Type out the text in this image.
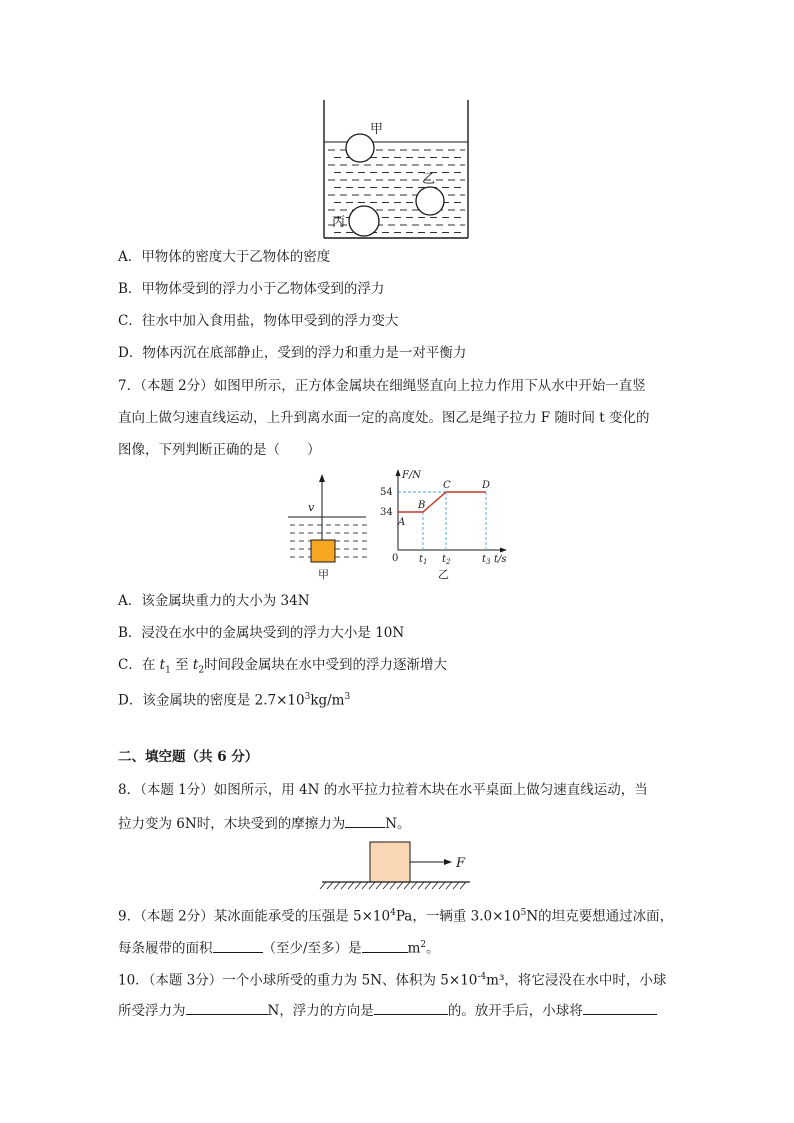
甲
乙
丙
A．甲物体的密度大于乙物体的密度
B．甲物体受到的浮力小于乙物体受到的浮力
C．往水中加入食用盐，物体甲受到的浮力变大
D．物体丙沉在底部静止，受到的浮力和重力是一对平衡力
7．（本题 2分）如图甲所示，正方体金属块在细绳竖直向上拉力作用下从水中开始一直竖
直向上做匀速直线运动，上升到离水面一定的高度处。图乙是绳子拉力 F 随时间 t 变化的
图像，下列判断正确的是（　　）
v
甲
F/N
0
54
34
A
B
C	D
$t_1$ $t_2$	$t_3$ t/s
乙
A．该金属块重力的大小为 34N
B．浸没在水中的金属块受到的浮力大小是 10N
C．在 $t_1$ 至 $t_2$时间段金属块在水中受到的浮力逐渐增大
D．该金属块的密度是 $2.7\times 10^3kg/m^3$
二、填空题（共 6 分）
8．（本题 1分）如图所示，用 4N 的水平拉力拉着木块在水平桌面上做匀速直线运动，当
拉力变为 6N时，木块受到的摩擦力为	N。
F
9．（本题 2分）某冰面能承受的压强是 $5\times 10^4Pa$，一辆重 $3.0\times 10^5N$的坦克要想通过冰面，
每条履带的面积	（至少/至多）是	$m^2$。
10．（本题 3分）一个小球所受的重力为 5N、体积为 $5\times 10^{-4}m^3$，将它浸没在水中时，小球
所受浮力为	N，浮力的方向是	的。放开手后，小球将
